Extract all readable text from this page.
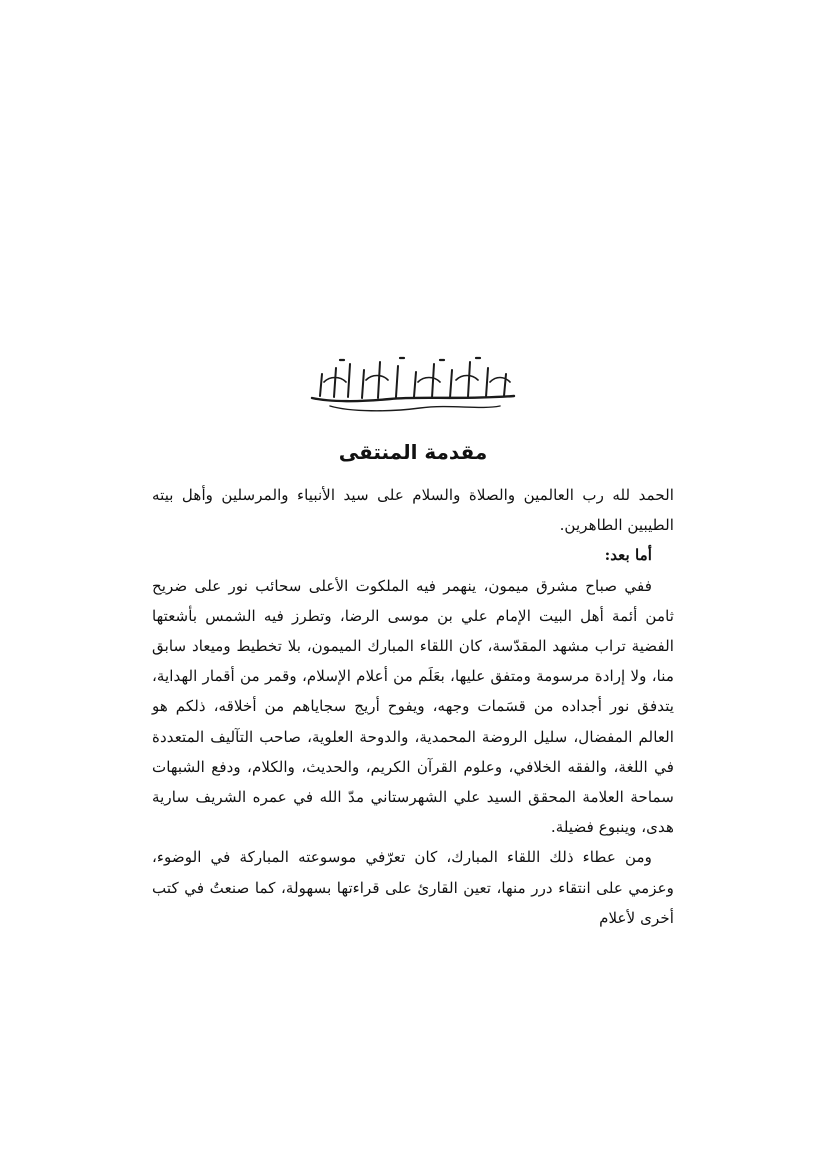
مقدمة المنتقى

الحمد لله رب العالمين والصلاة والسلام على سيد الأنبياء والمرسلين وأهل بيته الطيبين الطاهرين.

أما بعد:

ففي صباح مشرق ميمون، ينهمر فيه الملكوت الأعلى سحائب نور على ضريح ثامن أئمة أهل البيت الإمام علي بن موسى الرضا، وتطرز فيه الشمس بأشعتها الفضية تراب مشهد المقدّسة، كان اللقاء المبارك الميمون، بلا تخطيط وميعاد سابق منا، ولا إرادة مرسومة ومتفق عليها، بعَلَم من أعلام الإسلام، وقمر من أقمار الهداية، يتدفق نور أجداده من قسَمات وجهه، ويفوح أريج سجاياهم من أخلاقه، ذلكم هو العالم المفضال، سليل الروضة المحمدية، والدوحة العلوية، صاحب التآليف المتعددة في اللغة، والفقه الخلافي، وعلوم القرآن الكريم، والحديث، والكلام، ودفع الشبهات سماحة العلامة المحقق السيد علي الشهرستاني مدّ الله في عمره الشريف سارية هدى، وينبوع فضيلة.

ومن عطاء ذلك اللقاء المبارك، كان تعرّفي موسوعته المباركة في الوضوء، وعزمي على انتقاء درر منها، تعين القارئ على قراءتها بسهولة، كما صنعتُ في كتب أخرى لأعلام
